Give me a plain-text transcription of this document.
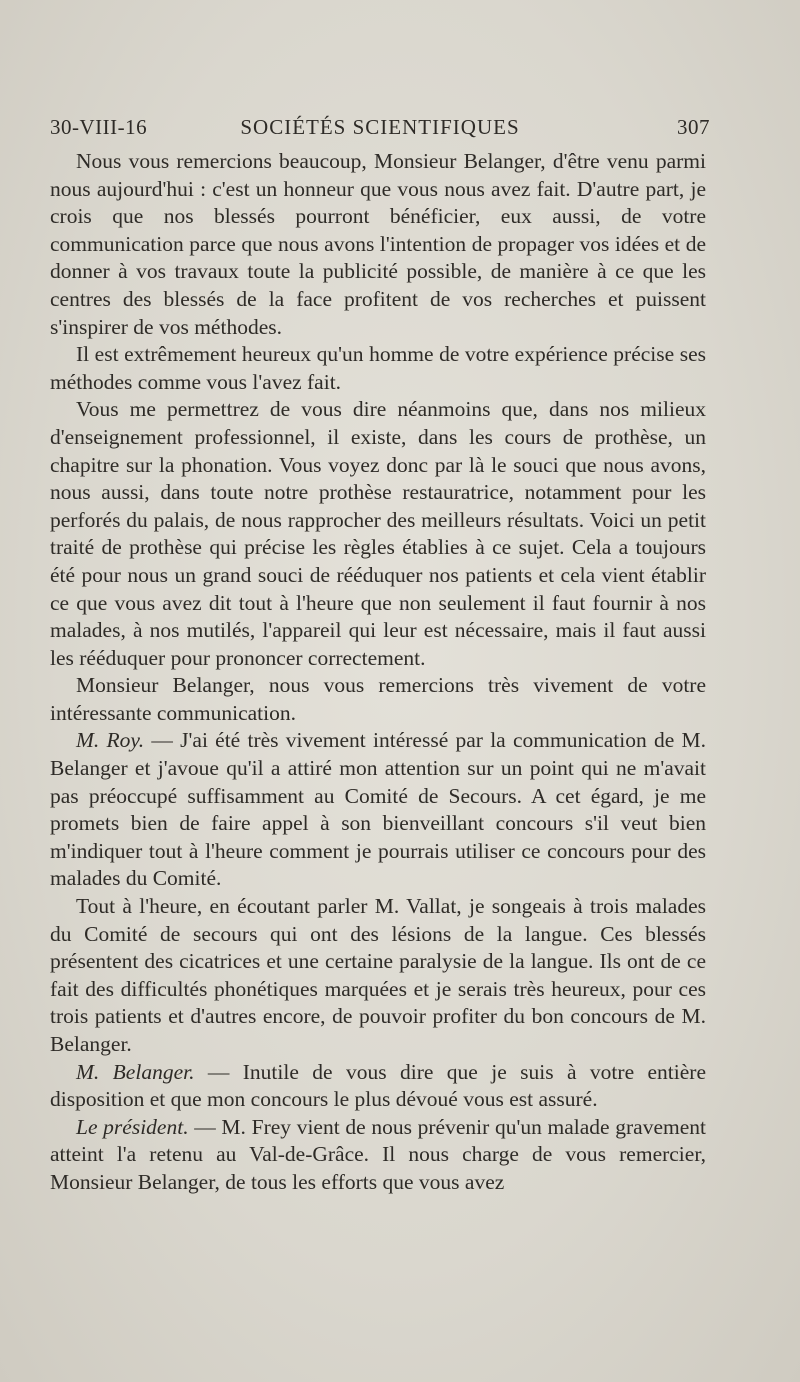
30-VIII-16	SOCIÉTÉS SCIENTIFIQUES	307

Nous vous remercions beaucoup, Monsieur Belanger, d'être venu parmi nous aujourd'hui : c'est un honneur que vous nous avez fait. D'autre part, je crois que nos blessés pourront bénéficier, eux aussi, de votre communication parce que nous avons l'intention de propager vos idées et de donner à vos travaux toute la publicité possible, de manière à ce que les centres des blessés de la face profitent de vos recherches et puissent s'inspirer de vos méthodes.

Il est extrêmement heureux qu'un homme de votre expérience précise ses méthodes comme vous l'avez fait.

Vous me permettrez de vous dire néanmoins que, dans nos milieux d'enseignement professionnel, il existe, dans les cours de prothèse, un chapitre sur la phonation. Vous voyez donc par là le souci que nous avons, nous aussi, dans toute notre prothèse restauratrice, notamment pour les perforés du palais, de nous rapprocher des meilleurs résultats. Voici un petit traité de prothèse qui précise les règles établies à ce sujet. Cela a toujours été pour nous un grand souci de rééduquer nos patients et cela vient établir ce que vous avez dit tout à l'heure que non seulement il faut fournir à nos malades, à nos mutilés, l'appareil qui leur est nécessaire, mais il faut aussi les rééduquer pour prononcer correctement.

Monsieur Belanger, nous vous remercions très vivement de votre intéressante communication.

M. Roy. — J'ai été très vivement intéressé par la communication de M. Belanger et j'avoue qu'il a attiré mon attention sur un point qui ne m'avait pas préoccupé suffisamment au Comité de Secours. A cet égard, je me promets bien de faire appel à son bienveillant concours s'il veut bien m'indiquer tout à l'heure comment je pourrais utiliser ce concours pour des malades du Comité.

Tout à l'heure, en écoutant parler M. Vallat, je songeais à trois malades du Comité de secours qui ont des lésions de la langue. Ces blessés présentent des cicatrices et une certaine paralysie de la langue. Ils ont de ce fait des difficultés phonétiques marquées et je serais très heureux, pour ces trois patients et d'autres encore, de pouvoir profiter du bon concours de M. Belanger.

M. Belanger. — Inutile de vous dire que je suis à votre entière disposition et que mon concours le plus dévoué vous est assuré.

Le président. — M. Frey vient de nous prévenir qu'un malade gravement atteint l'a retenu au Val-de-Grâce. Il nous charge de vous remercier, Monsieur Belanger, de tous les efforts que vous avez
